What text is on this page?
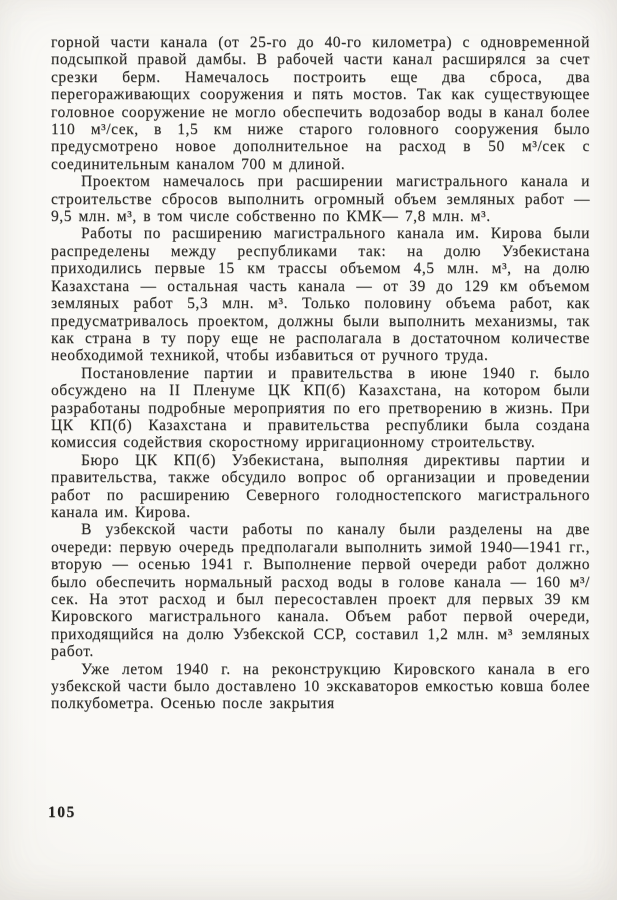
горной части канала (от 25-го до 40-го километра) с одновременной подсыпкой правой дамбы. В рабочей части канал расширялся за счет срезки берм. Намечалось построить еще два сброса, два перегораживающих сооружения и пять мостов. Так как существующее головное сооружение не могло обеспечить водозабор воды в канал более 110 м³/сек, в 1,5 км ниже старого головного сооружения было предусмотрено новое дополнительное на расход в 50 м³/сек с соединительным каналом 700 м длиной.

Проектом намечалось при расширении магистрального канала и строительстве сбросов выполнить огромный объем земляных работ — 9,5 млн. м³, в том числе собственно по КМК— 7,8 млн. м³.

Работы по расширению магистрального канала им. Кирова были распределены между республиками так: на долю Узбекистана приходились первые 15 км трассы объемом 4,5 млн. м³, на долю Казахстана — остальная часть канала — от 39 до 129 км объемом земляных работ 5,3 млн. м³. Только половину объема работ, как предусматривалось проектом, должны были выполнить механизмы, так как страна в ту пору еще не располагала в достаточном количестве необходимой техникой, чтобы избавиться от ручного труда.

Постановление партии и правительства в июне 1940 г. было обсуждено на II Пленуме ЦК КП(б) Казахстана, на котором были разработаны подробные мероприятия по его претворению в жизнь. При ЦК КП(б) Казахстана и правительства республики была создана комиссия содействия скоростному ирригационному строительству.

Бюро ЦК КП(б) Узбекистана, выполняя директивы партии и правительства, также обсудило вопрос об организации и проведении работ по расширению Северного голодностепского магистрального канала им. Кирова.

В узбекской части работы по каналу были разделены на две очереди: первую очередь предполагали выполнить зимой 1940—1941 гг., вторую — осенью 1941 г. Выполнение первой очереди работ должно было обеспечить нормальный расход воды в голове канала — 160 м³/сек. На этот расход и был пересоставлен проект для первых 39 км Кировского магистрального канала. Объем работ первой очереди, приходящийся на долю Узбекской ССР, составил 1,2 млн. м³ земляных работ.

Уже летом 1940 г. на реконструкцию Кировского канала в его узбекской части было доставлено 10 экскаваторов емкостью ковша более полкубометра. Осенью после закрытия

105
